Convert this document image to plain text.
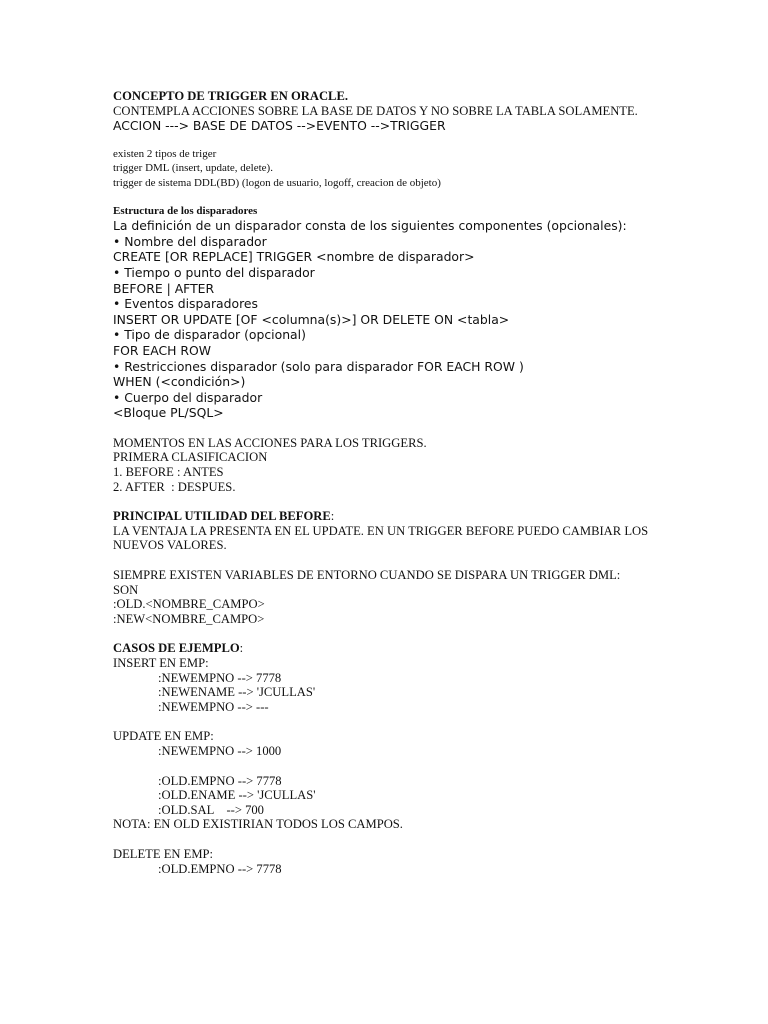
CONCEPTO DE TRIGGER EN ORACLE.
CONTEMPLA ACCIONES SOBRE LA BASE DE DATOS Y NO SOBRE LA TABLA SOLAMENTE.
ACCION ---> BASE DE DATOS -->EVENTO -->TRIGGER
existen 2 tipos de triger
trigger DML (insert, update, delete).
trigger de sistema DDL(BD) (logon de usuario, logoff, creacion de objeto)
Estructura de los disparadores
La definición de un disparador consta de los siguientes componentes (opcionales):
• Nombre del disparador
CREATE [OR REPLACE] TRIGGER <nombre de disparador>
• Tiempo o punto del disparador
BEFORE | AFTER
• Eventos disparadores
INSERT OR UPDATE [OF <columna(s)>] OR DELETE ON <tabla>
• Tipo de disparador (opcional)
FOR EACH ROW
• Restricciones disparador (solo para disparador FOR EACH ROW )
WHEN (<condición>)
• Cuerpo del disparador
<Bloque PL/SQL>
MOMENTOS EN LAS ACCIONES PARA LOS TRIGGERS.
PRIMERA CLASIFICACION
1. BEFORE : ANTES
2. AFTER  : DESPUES.
PRINCIPAL UTILIDAD DEL BEFORE:
LA VENTAJA LA PRESENTA EN EL UPDATE. EN UN TRIGGER BEFORE PUEDO CAMBIAR LOS
NUEVOS VALORES.
SIEMPRE EXISTEN VARIABLES DE ENTORNO CUANDO SE DISPARA UN TRIGGER DML:
SON
:OLD.<NOMBRE_CAMPO>
:NEW<NOMBRE_CAMPO>
CASOS DE EJEMPLO:
INSERT EN EMP:
:NEWEMPNO --> 7778
:NEWENAME --> 'JCULLAS'
:NEWEMPNO --> ---
UPDATE EN EMP:
:NEWEMPNO --> 1000
:OLD.EMPNO --> 7778
:OLD.ENAME --> 'JCULLAS'
:OLD.SAL    --> 700
NOTA: EN OLD EXISTIRIAN TODOS LOS CAMPOS.
DELETE EN EMP:
:OLD.EMPNO --> 7778
